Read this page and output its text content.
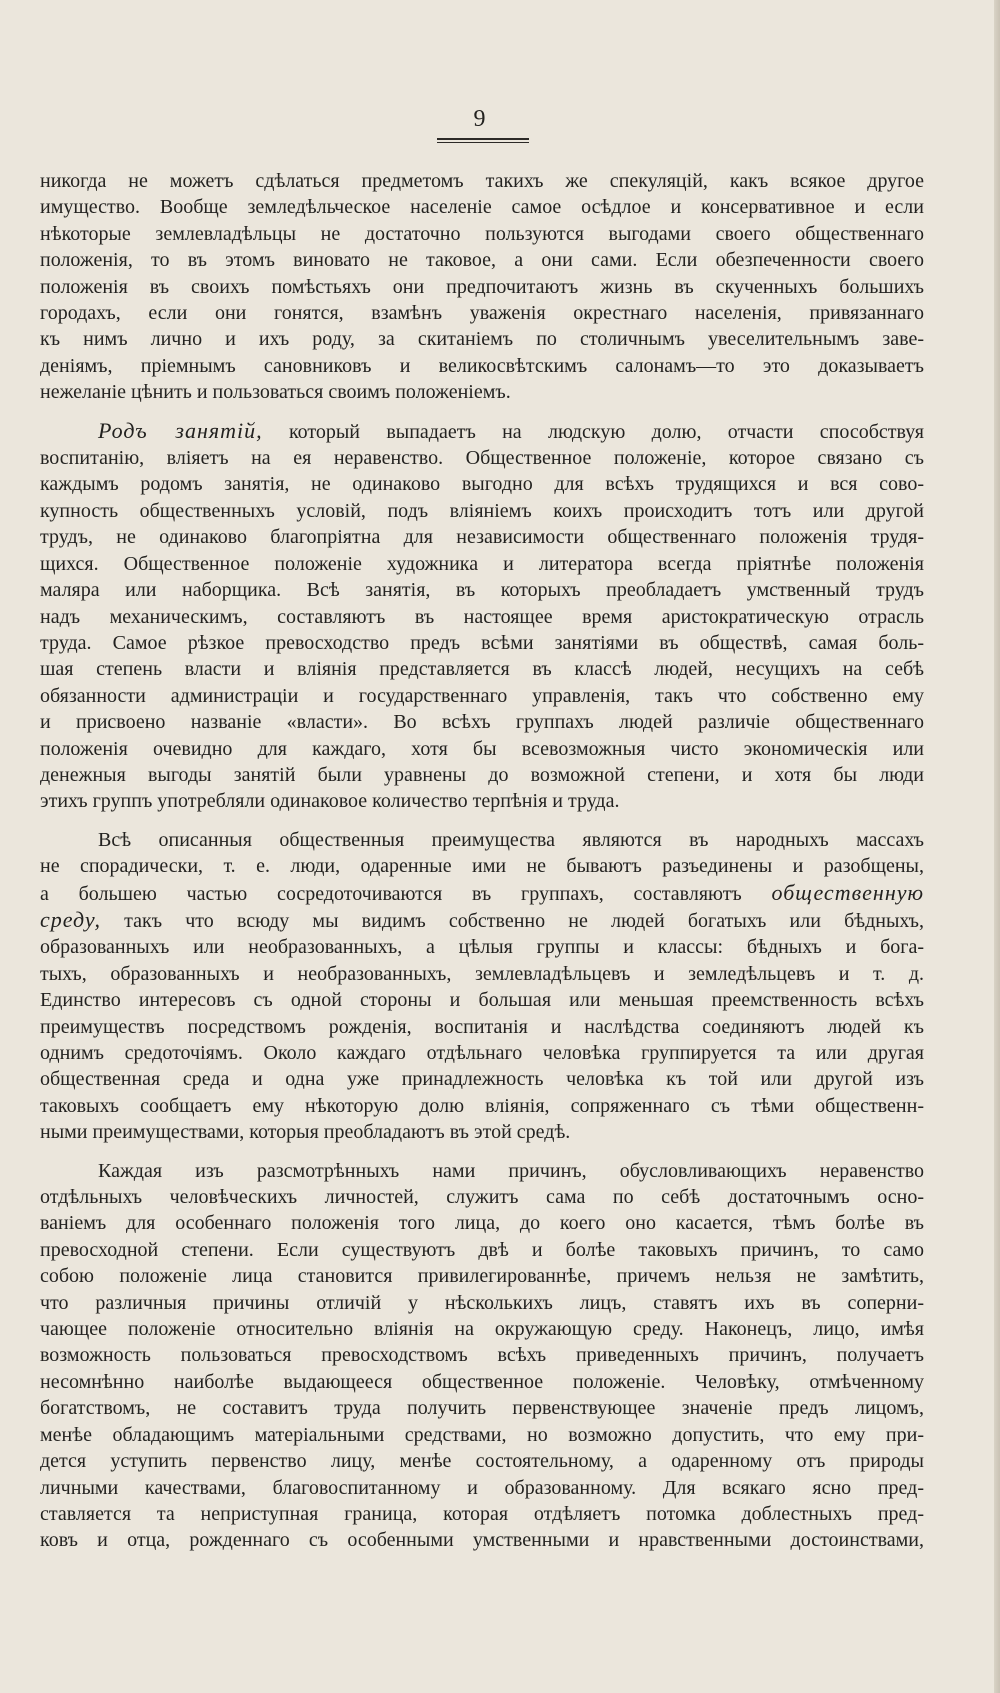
9

никогда не можетъ сдѣлаться предметомъ такихъ же спекуляцій, какъ всякое другое
имущество. Вообще земледѣльческое населеніе самое осѣдлое и консервативное и если
нѣкоторые землевладѣльцы не достаточно пользуются выгодами своего общественнаго
положенія, то въ этомъ виновато не таковое, а они сами. Если обезпеченности своего
положенія въ своихъ помѣстьяхъ они предпочитаютъ жизнь въ скученныхъ большихъ
городахъ, если они гонятся, взамѣнъ уваженія окрестнаго населенія, привязаннаго
къ нимъ лично и ихъ роду, за скитаніемъ по столичнымъ увеселительнымъ заве-
деніямъ, пріемнымъ сановниковъ и великосвѣтскимъ салонамъ—то это доказываетъ
нежеланіе цѣнить и пользоваться своимъ положеніемъ.

Родъ занятій, который выпадаетъ на людскую долю, отчасти способствуя
воспитанію, вліяетъ на ея неравенство. Общественное положеніе, которое связано съ
каждымъ родомъ занятія, не одинаково выгодно для всѣхъ трудящихся и вся сово-
купность общественныхъ условій, подъ вліяніемъ коихъ происходитъ тотъ или другой
трудъ, не одинаково благопріятна для независимости общественнаго положенія трудя-
щихся. Общественное положеніе художника и литератора всегда пріятнѣе положенія
маляра или наборщика. Всѣ занятія, въ которыхъ преобладаетъ умственный трудъ
надъ механическимъ, составляютъ въ настоящее время аристократическую отрасль
труда. Самое рѣзкое превосходство предъ всѣми занятіями въ обществѣ, самая боль-
шая степень власти и вліянія представляется въ классѣ людей, несущихъ на себѣ
обязанности администраціи и государственнаго управленія, такъ что собственно ему
и присвоено названіе «власти». Во всѣхъ группахъ людей различіе общественнаго
положенія очевидно для каждаго, хотя бы всевозможныя чисто экономическія или
денежныя выгоды занятій были уравнены до возможной степени, и хотя бы люди
этихъ группъ употребляли одинаковое количество терпѣнія и труда.

Всѣ описанныя общественныя преимущества являются въ народныхъ массахъ
не спорадически, т. е. люди, одаренные ими не бываютъ разъединены и разобщены,
а большею частью сосредоточиваются въ группахъ, составляютъ общественную
среду, такъ что всюду мы видимъ собственно не людей богатыхъ или бѣдныхъ,
образованныхъ или необразованныхъ, а цѣлыя группы и классы: бѣдныхъ и бога-
тыхъ, образованныхъ и необразованныхъ, землевладѣльцевъ и земледѣльцевъ и т. д.
Единство интересовъ съ одной стороны и большая или меньшая преемственность всѣхъ
преимуществъ посредствомъ рожденія, воспитанія и наслѣдства соединяютъ людей къ
однимъ средоточіямъ. Около каждаго отдѣльнаго человѣка группируется та или другая
общественная среда и одна уже принадлежность человѣка къ той или другой изъ
таковыхъ сообщаетъ ему нѣкоторую долю вліянія, сопряженнаго съ тѣми общественн-
ными преимуществами, которыя преобладаютъ въ этой средѣ.

Каждая изъ разсмотрѣнныхъ нами причинъ, обусловливающихъ неравенство
отдѣльныхъ человѣческихъ личностей, служитъ сама по себѣ достаточнымъ осно-
ваніемъ для особеннаго положенія того лица, до коего оно касается, тѣмъ болѣе въ
превосходной степени. Если существуютъ двѣ и болѣе таковыхъ причинъ, то само
собою положеніе лица становится привилегированнѣе, причемъ нельзя не замѣтить,
что различныя причины отличій у нѣсколькихъ лицъ, ставятъ ихъ въ соперни-
чающее положеніе относительно вліянія на окружающую среду. Наконецъ, лицо, имѣя
возможность пользоваться превосходствомъ всѣхъ приведенныхъ причинъ, получаетъ
несомнѣнно наиболѣе выдающееся общественное положеніе. Человѣку, отмѣченному
богатствомъ, не составитъ труда получить первенствующее значеніе предъ лицомъ,
менѣе обладающимъ матеріальными средствами, но возможно допустить, что ему при-
дется уступить первенство лицу, менѣе состоятельному, а одаренному отъ природы
личными качествами, благовоспитанному и образованному. Для всякаго ясно пред-
ставляется та неприступная граница, которая отдѣляетъ потомка доблестныхъ пред-
ковъ и отца, рожденнаго съ особенными умственными и нравственными достоинствами,
